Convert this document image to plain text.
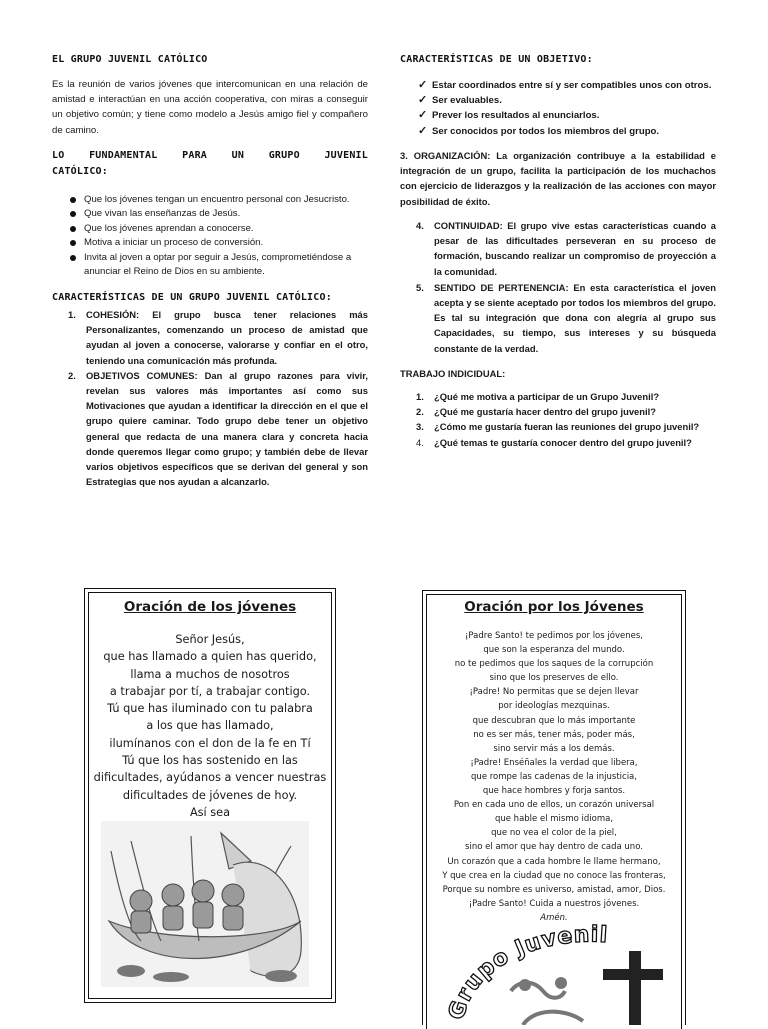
EL GRUPO JUVENIL CATÓLICO
Es la reunión de varios jóvenes que intercomunican en una relación de amistad e interactúan en una acción cooperativa, con miras a conseguir un objetivo común; y tiene como modelo a Jesús amigo fiel y compañero de camino.
LO FUNDAMENTAL PARA UN GRUPO JUVENIL CATÓLICO:
Que los jóvenes tengan un encuentro personal con Jesucristo.
Que vivan las enseñanzas de Jesús.
Que los jóvenes aprendan a conocerse.
Motiva a iniciar un proceso de conversión.
Invita al joven a optar por seguir a Jesús, comprometiéndose a anunciar el Reino de Dios en su ambiente.
CARACTERÍSTICAS DE UN GRUPO JUVENIL CATÓLICO:
1. COHESIÓN: El grupo busca tener relaciones más Personalizantes, comenzando un proceso de amistad que ayudan al joven a conocerse, valorarse y confiar en el otro, teniendo una comunicación más profunda.
2. OBJETIVOS COMUNES: Dan al grupo razones para vivir, revelan sus valores más importantes así como sus Motivaciones que ayudan a identificar la dirección en el que el grupo quiere caminar. Todo grupo debe tener un objetivo general que redacta de una manera clara y concreta hacia donde queremos llegar como grupo; y también debe de llevar varios objetivos específicos que se derivan del general y son Estrategias que nos ayudan a alcanzarlo.
CARACTERÍSTICAS DE UN OBJETIVO:
✓ Estar coordinados entre sí y ser compatibles unos con otros.
✓ Ser evaluables.
✓ Prever los resultados al enunciarlos.
✓ Ser conocidos por todos los miembros del grupo.
3. ORGANIZACIÓN: La organización contribuye a la estabilidad e integración de un grupo, facilita la participación de los muchachos con ejercicio de liderazgos y la realización de las acciones con mayor posibilidad de éxito.
4. CONTINUIDAD: El grupo vive estas características cuando a pesar de las dificultades perseveran en su proceso de formación, buscando realizar un compromiso de proyección a la comunidad.
5. SENTIDO DE PERTENENCIA: En esta característica el joven acepta y se siente aceptado por todos los miembros del grupo. Es tal su integración que dona con alegría al grupo sus Capacidades, su tiempo, sus intereses y su búsqueda constante de la verdad.
TRABAJO INDICIDUAL:
1. ¿Qué me motiva a participar de un Grupo Juvenil?
2. ¿Qué me gustaría hacer dentro del grupo juvenil?
3. ¿Cómo me gustaría fueran las reuniones del grupo juvenil?
4. ¿Qué temas te gustaría conocer dentro del grupo juvenil?
Oración de los jóvenes
Señor Jesús,
que has llamado a quien has querido,
llama a muchos de nosotros
a trabajar por tí, a trabajar contigo.
Tú que has iluminado con tu palabra
a los que has llamado,
ilumínanos con el don de la fe en Tí
Tú que los has sostenido en las
dificultades, ayúdanos a vencer nuestras
dificultades de jóvenes de hoy.
Así sea
Oración por los Jóvenes
¡Padre Santo! te pedimos por los jóvenes,
que son la esperanza del mundo.
no te pedimos que los saques de la corrupción
sino que los preserves de ello.
¡Padre! No permitas que se dejen llevar
por ideologías mezquinas.
que descubran que lo más importante
no es ser más, tener más, poder más,
sino servir más a los demás.
¡Padre! Enséñales la verdad que libera,
que rompe las cadenas de la injusticia,
que hace hombres y forja santos.
Pon en cada uno de ellos, un corazón universal
que hable el mismo idioma,
que no vea el color de la piel,
sino el amor que hay dentro de cada uno.
Un corazón que a cada hombre le llame hermano,
Y que crea en la ciudad que no conoce las fronteras,
Porque su nombre es universo, amistad, amor, Dios.
¡Padre Santo! Cuida a nuestros jóvenes.
Amén.
Grupo Juvenil
